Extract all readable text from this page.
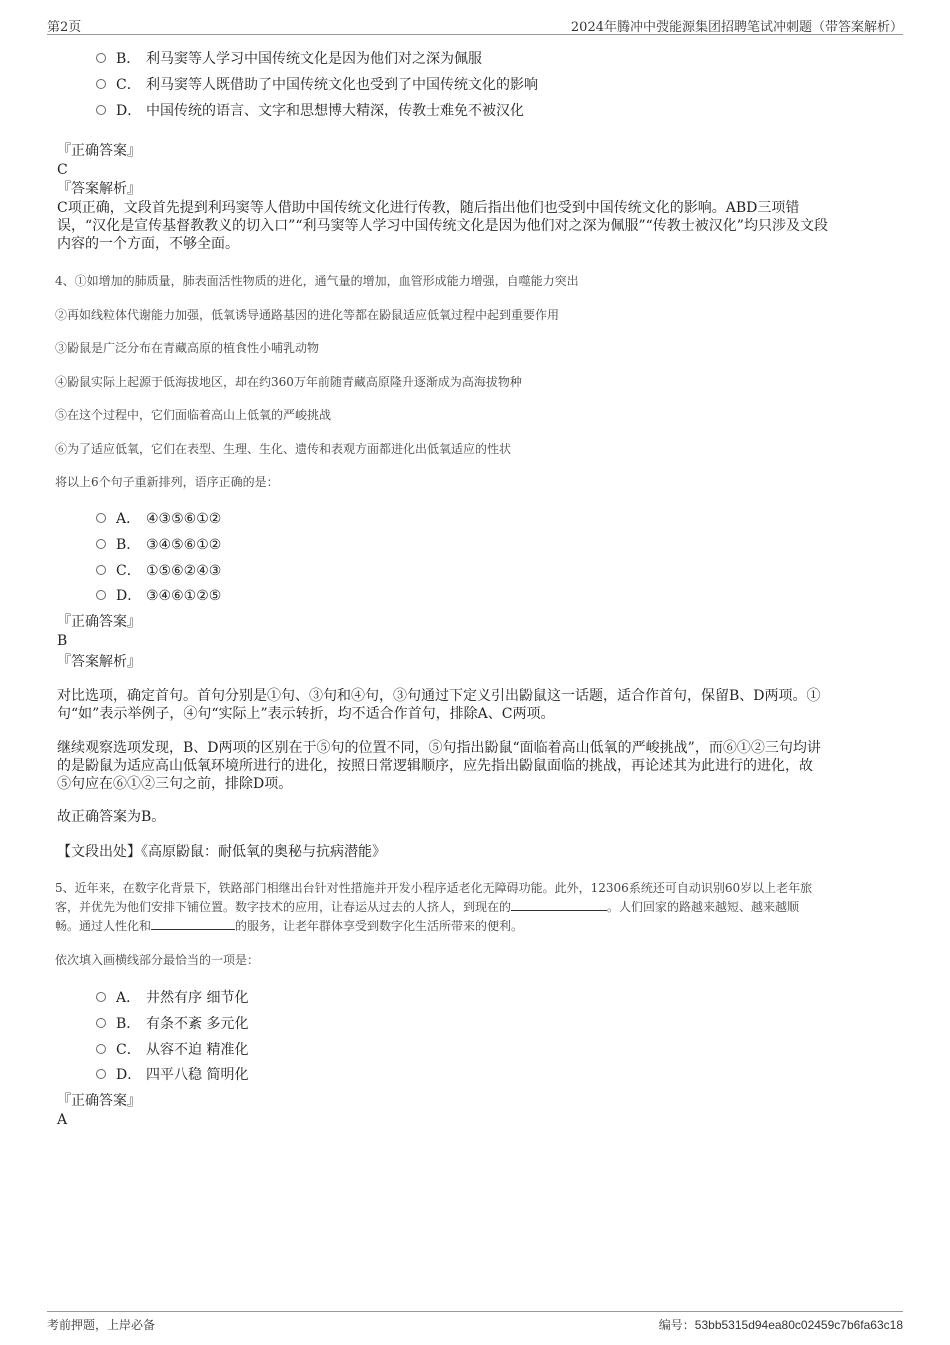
第2页	2024年腾冲中弢能源集团招聘笔试冲刺题（带答案解析）
B． 利马窦等人学习中国传统文化是因为他们对之深为佩服
C． 利马窦等人既借助了中国传统文化也受到了中国传统文化的影响
D． 中国传统的语言、文字和思想博大精深，传教士难免不被汉化
『正确答案』
C
『答案解析』
C项正确，文段首先提到利玛窦等人借助中国传统文化进行传教，随后指出他们也受到中国传统文化的影响。ABD三项错
误，“汉化是宣传基督教教义的切入口”“利马窦等人学习中国传统文化是因为他们对之深为佩服”“传教士被汉化”均只涉及文段
内容的一个方面，不够全面。
4、①如增加的肺质量，肺表面活性物质的进化，通气量的增加，血管形成能力增强，自噬能力突出
②再如线粒体代谢能力加强，低氧诱导通路基因的进化等都在鼢鼠适应低氧过程中起到重要作用
③鼢鼠是广泛分布在青藏高原的植食性小哺乳动物
④鼢鼠实际上起源于低海拔地区，却在约360万年前随青藏高原隆升逐渐成为高海拔物种
⑤在这个过程中，它们面临着高山上低氧的严峻挑战
⑥为了适应低氧，它们在表型、生理、生化、遗传和表观方面都进化出低氧适应的性状
将以上6个句子重新排列，语序正确的是：
A． ④③⑤⑥①②
B． ③④⑤⑥①②
C． ①⑤⑥②④③
D． ③④⑥①②⑤
『正确答案』
B
『答案解析』
对比选项，确定首句。首句分别是①句、③句和④句，③句通过下定义引出鼢鼠这一话题，适合作首句，保留B、D两项。①
句“如”表示举例子，④句“实际上”表示转折，均不适合作首句，排除A、C两项。
继续观察选项发现，B、D两项的区别在于⑤句的位置不同，⑤句指出鼢鼠“面临着高山低氧的严峻挑战”，而⑥①②三句均讲
的是鼢鼠为适应高山低氧环境所进行的进化，按照日常逻辑顺序，应先指出鼢鼠面临的挑战，再论述其为此进行的进化，故
⑤句应在⑥①②三句之前，排除D项。
故正确答案为B。
【文段出处】《高原鼢鼠：耐低氧的奥秘与抗病潜能》
5、近年来，在数字化背景下，铁路部门相继出台针对性措施并开发小程序适老化无障碍功能。此外，12306系统还可自动识别60岁以上老年旅
客，并优先为他们安排下铺位置。数字技术的应用，让春运从过去的人挤人，到现在的	。人们回家的路越来越短、越来越顺
畅。通过人性化和	的服务，让老年群体享受到数字化生活所带来的便利。
依次填入画横线部分最恰当的一项是：
A． 井然有序 细节化
B． 有条不紊 多元化
C． 从容不迫 精准化
D． 四平八稳 简明化
『正确答案』
A
考前押题，上岸必备	编号：53bb5315d94ea80c02459c7b6fa63c18
